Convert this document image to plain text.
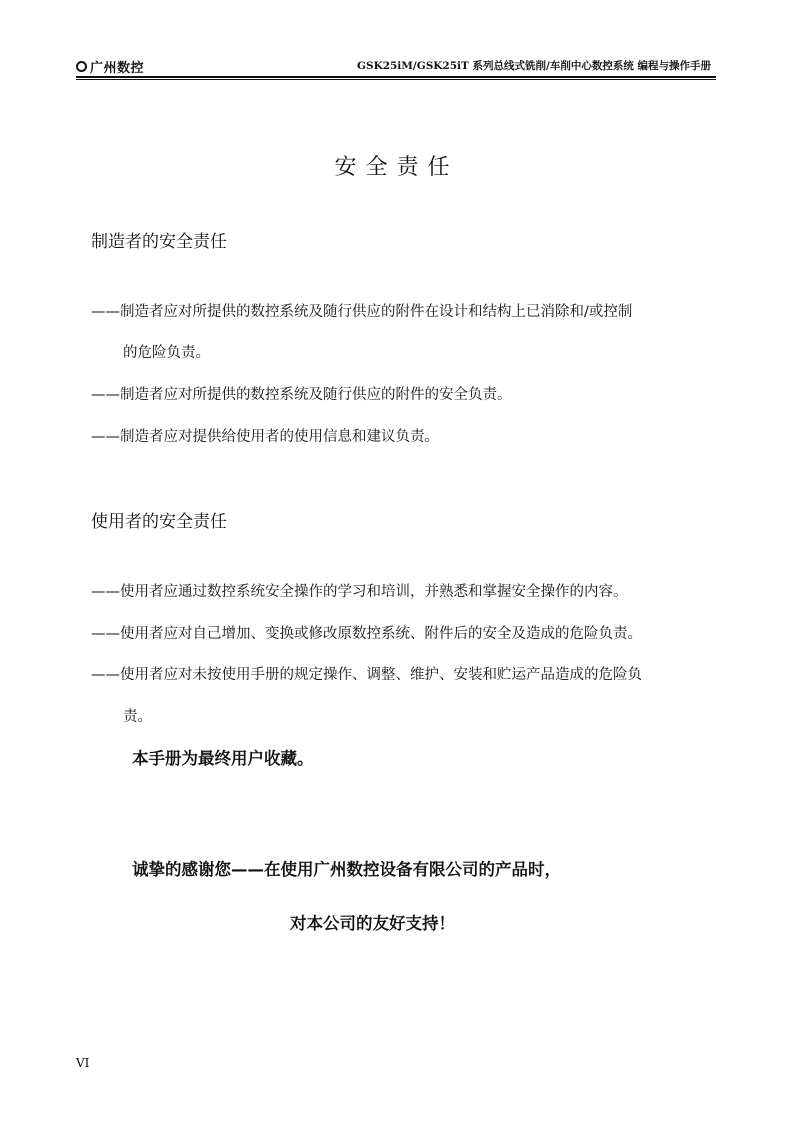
广州数控	GSK25iM/GSK25iT 系列总线式铣削/车削中心数控系统 编程与操作手册
安全责任
制造者的安全责任
——制造者应对所提供的数控系统及随行供应的附件在设计和结构上已消除和/或控制
的危险负责。
——制造者应对所提供的数控系统及随行供应的附件的安全负责。
——制造者应对提供给使用者的使用信息和建议负责。
使用者的安全责任
——使用者应通过数控系统安全操作的学习和培训，并熟悉和掌握安全操作的内容。
——使用者应对自己增加、变换或修改原数控系统、附件后的安全及造成的危险负责。
——使用者应对未按使用手册的规定操作、调整、维护、安装和贮运产品造成的危险负
责。
本手册为最终用户收藏。
诚挚的感谢您——在使用广州数控设备有限公司的产品时，
对本公司的友好支持！
VI
